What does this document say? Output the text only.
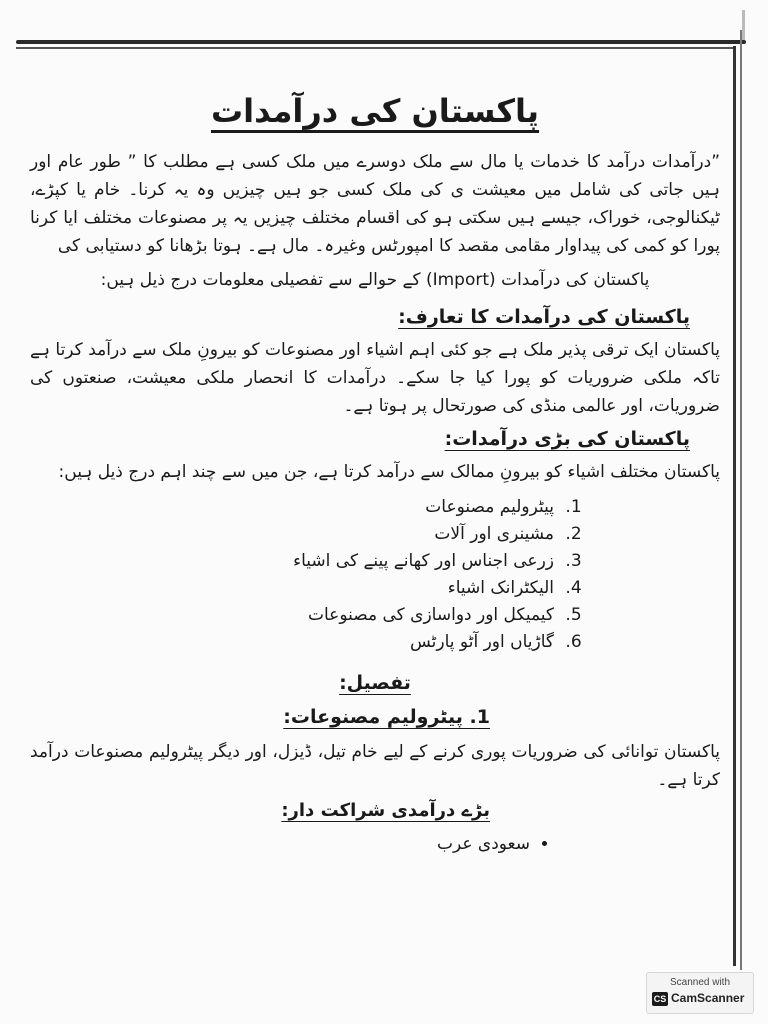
پاکستان کی درآمدات

”درآمدات درآمد کا خدمات یا مال سے ملک دوسرے میں ملک کسی ہے مطلب کا ” طور عام اور ہیں جاتی کی شامل میں معیشت ی کی ملک کسی جو ہیں چیزیں وہ یہ کرنا۔ خام یا کپڑے، ٹیکنالوجی، خوراک، جیسے ہیں سکتی ہو کی اقسام مختلف چیزیں یہ پر مصنوعات مختلف ایا کرنا پورا کو کمی کی پیداوار مقامی مقصد کا امپورٹس وغیرہ۔ مال ہے۔ ہوتا بڑھانا کو دستیابی کی

پاکستان کی درآمدات (Import) کے حوالے سے تفصیلی معلومات درج ذیل ہیں:

پاکستان کی درآمدات کا تعارف:

پاکستان ایک ترقی پذیر ملک ہے جو کئی اہم اشیاء اور مصنوعات کو بیرونِ ملک سے درآمد کرتا ہے تاکہ ملکی ضروریات کو پورا کیا جا سکے۔ درآمدات کا انحصار ملکی معیشت، صنعتوں کی ضروریات، اور عالمی منڈی کی صورتحال پر ہوتا ہے۔

پاکستان کی بڑی درآمدات:

پاکستان مختلف اشیاء کو بیرونِ ممالک سے درآمد کرتا ہے، جن میں سے چند اہم درج ذیل ہیں:

1. پیٹرولیم مصنوعات
2. مشینری اور آلات
3. زرعی اجناس اور کھانے پینے کی اشیاء
4. الیکٹرانک اشیاء
5. کیمیکل اور دواسازی کی مصنوعات
6. گاڑیاں اور آٹو پارٹس
تفصیل:
1. پیٹرولیم مصنوعات:

پاکستان توانائی کی ضروریات پوری کرنے کے لیے خام تیل، ڈیزل، اور دیگر پیٹرولیم مصنوعات درآمد کرتا ہے۔

بڑے درآمدی شراکت دار:
• سعودی عرب
Scanned with
CS CamScanner
